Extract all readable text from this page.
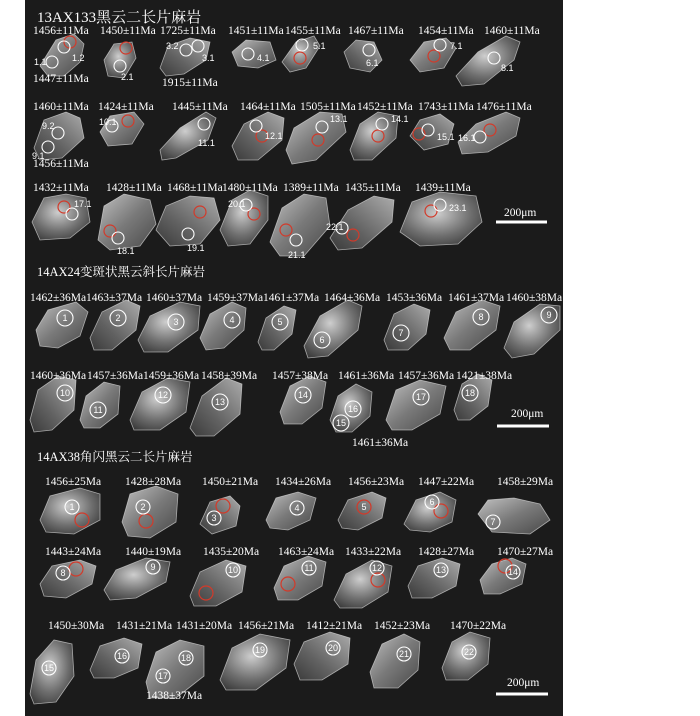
13AX133黑云二长片麻岩
1.1	1.2
2.1
3.2
3.1	4.1
5.1
6.1
7.1
8.1
9.2
9.1
10.1
11.1
12.1
13.1	14.1
15.1 16.1
17.1
18.1	19.1
20.1
21.1
22.1
23.1
1456±11Ma
1447±11Ma
1450±11Ma 1725±11Ma
1915±11Ma
1451±11Ma 1455±11Ma 1467±11Ma 1454±11Ma 1460±11Ma
1460±11Ma
1456±11Ma
1424±11Ma 1445±11Ma 1464±11Ma 1505±11Ma 1452±11Ma 1743±11Ma 1476±11Ma
1432±11Ma 1428±11Ma 1468±11Ma 1480±11Ma 1389±11Ma 1435±11Ma 1439±11Ma
200μm
14AX24变斑状黑云斜长片麻岩
1	2	3	4	5
6
7
8	9
10
11
12
13
14
15
16
17	18
1462±36Ma 1463±37Ma 1460±37Ma 1459±37Ma 1461±37Ma 1464±36Ma 1453±36Ma 1461±37Ma 1460±38Ma
1460±36Ma 1457±36Ma 1459±36Ma 1458±39Ma 1457±38Ma 1461±36Ma 1457±36Ma 1421±38Ma
1461±36Ma
200μm
14AX38角闪黑云二长片麻岩
1	2
3
4	5	6
7
8
9	10	11	12	13	14
15
16
17
18
19	20
21	22
1456±25Ma 1428±28Ma 1450±21Ma 1434±26Ma 1456±23Ma 1447±22Ma 1458±29Ma
1443±24Ma 1440±19Ma 1435±20Ma 1463±24Ma 1433±22Ma 1428±27Ma 1470±27Ma
1450±30Ma 1431±21Ma 1431±20Ma 1456±21Ma 1412±21Ma 1452±23Ma 1470±22Ma
1438±37Ma
200μm
